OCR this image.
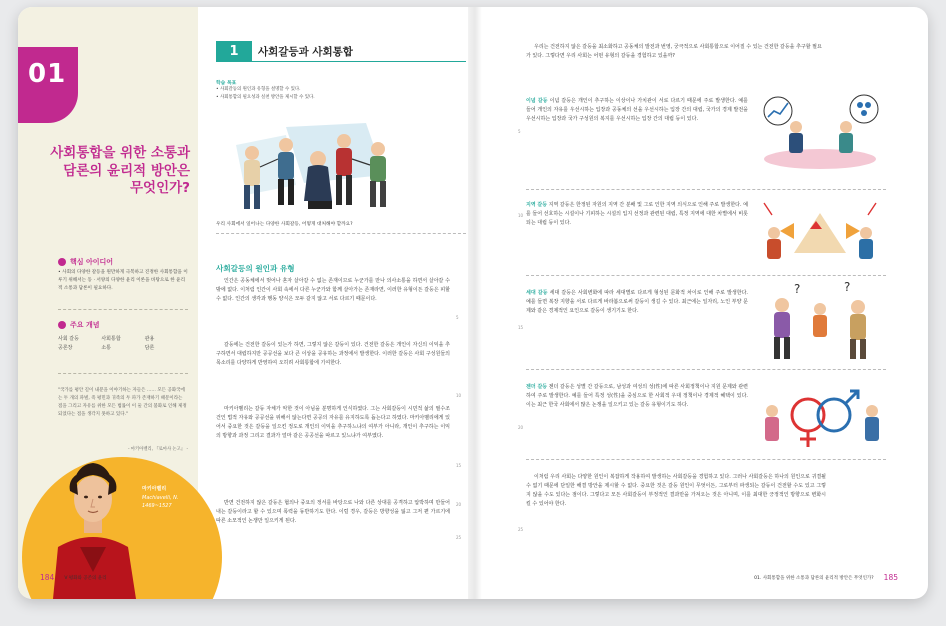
01
사회통합을 위한 소통과 담론의 윤리적 방안은 무엇인가?
핵심 아이디어
• 사회의 다양한 갈등을 원만하게 극복하고 진정한 사회통합을 이루기 위해서는 동 · 서양의 다양한 윤리 이론을 바탕으로 한 윤리적 소통과 담론이 필요하다.
주요 개념
사회 갈등	사회통합	관용
공론장	소통	담론
"국가를 평안 길이 내분을 이야기하는 자들은 …… 모든 공화국에는 두 개의 파벌, 즉 평민과 귀족의 두 파가 존재하기 때문이라는 점을 그리고 자유를 위한 모든 법률이 이 둘 간의 불화로 인해 제정되었다는 점을 생각지 못하고 있다."
- 마키아벨리, 『로마사 논고』 -
마키아벨리
Machiavelli, N.
1469~1527
184 Ⅴ 평화와 공존의 윤리
1	사회갈등과 사회통합
학습 목표
• 사회갈등의 원인과 유형을 설명할 수 있다.
• 사회통합의 필요성과 실천 방안을 제시할 수 있다.
우리 사회에서 일어나는 다양한 사회갈등, 어떻게 대처해야 할까요?
사회갈등의 원인과 유형

인간은 공동체에서 벗어나 혼자 살아갈 수 없는 존재이므로 누군가를 만나 의사소통을 하면서 살아갈 수밖에 없다. 이처럼 인간이 사회 속에서 다른 누군가와 함께 살아가는 존재라면, 이러한 유형이든 갈등은 피할 수 없다. 인간의 생각과 행동 양식은 모두 같지 않고 서로 다르기 때문이다.

갈등에는 건전한 갈등이 있는가 하면, 그렇지 않은 갈등이 있다. 건전한 갈등은 개인이 자신의 이익을 추구하면서 대립하지만 공공선을 보다 큰 이상을 공유하는 과정에서 발생한다. 이러한 갈등은 사회 구성원들의 목소리를 다양하게 반영하여 오히려 사회통합에 기여한다.

마키아벨리는 갈등 자체가 악한 것이 아님을 분명하게 인식하였다. 그는 사회갈등이 시민적 삶의 필수조건인 법적 자유와 공공선을 위해서 않는다면 공공의 자유를 유지하도록 돕는다고 하였다. 마키아벨리에게 있어서 중요한 것은 갈등을 일으킨 정도로 개인의 이익을 추구하느냐의 여부가 아니라, 개인이 추구하는 이익의 방향과 과정 그리고 결과가 얼마 같은 공공선을 따르고 있느냐가 여부였다.

반면 건전하지 않은 갈등은 협의나 중요의 정서를 바탕으로 나와 다른 상대를 공격하고 압박하며 만들어내는 갈등이라고 할 수 있으며 폭력을 동반하기도 한다. 이럴 경우, 갈등은 방향성을 잃고 그저 편 가르기에 따른 소모적인 논쟁만 일으키게 된다.

5
10
15
20
25

우리는 건전하지 않은 갈등을 최소화하고 공동체의 발전과 번영, 궁극적으로 사회통합으로 이어질 수 있는 건전한 갈등을 추구할 필요가 있다. 그렇다면 우리 사회는 어떤 유형의 갈등을 경험하고 있을까?

이념 갈등 이념 갈등은 개인이 추구하는 이상이나 가치관이 서로 다르기 때문에 주로 발생한다. 예를 들어 개인의 자유를 우선시하는 입장과 공동체의 선을 우선시하는 입장 간의 대립, 국가의 경제 발전을 우선시하는 입장과 국가 구성원의 복지를 우선시하는 입장 간의 대립 등이 있다.

지역 갈등 지역 갈등은 한정된 자원의 지역 간 분배 및 그로 인한 지역 의식으로 인해 주로 발생한다. 예를 들어 선호하는 시설이나 기피하는 시설의 입지 선정과 관련된 대립, 특정 지역에 대한 차별에서 비롯되는 대립 등이 있다.

세대 갈등 세대 갈등은 사회변화에 따라 세대별로 다르게 형성된 문화적 차이로 인해 주로 발생한다. 예를 들면 복장 지향을 서로 다르게 바라봄으로써 갈등이 생길 수 있다. 최근에는 일자리, 노인 부양 문제와 같은 경제적인 요인으로 갈등이 생기기도 한다.

?	?

젠더 갈등 젠더 갈등은 성별 간 갈등으로, 남성과 여성의 성(性)에 따른 사회정책이나 지원 문제와 관련하여 주로 발생한다. 예를 들어 특정 성(性)을 중심으로 한 사회적 우대 정책이나 경제적 혜택이 있다. 이는 최근 한국 사회에서 많은 논쟁을 일으키고 있는 갈등 유형이기도 하다.

이처럼 우리 사회는 다양한 원인이 복잡하게 작용하여 발생하는 사회갈등을 경험하고 있다. 그러나 사회갈등은 하나의 원인으로 귀결될 수 없기 때문에 단일한 해결 방안을 제시할 수 없다. 중요한 것은 갈등 원인이 무엇이든, 그로부터 파생되는 갈등이 건전할 수도 있고 그렇지 않을 수도 있다는 점이다. 그렇다고 모든 사회갈등이 부정적인 결과만을 가져오는 것은 아니며, 이를 최대한 긍정적인 방향으로 변화시킬 수 있어야 한다.

5
10
15
20
25
01. 사회통합을 위한 소통과 담론의 윤리적 방안은 무엇인가? 185
